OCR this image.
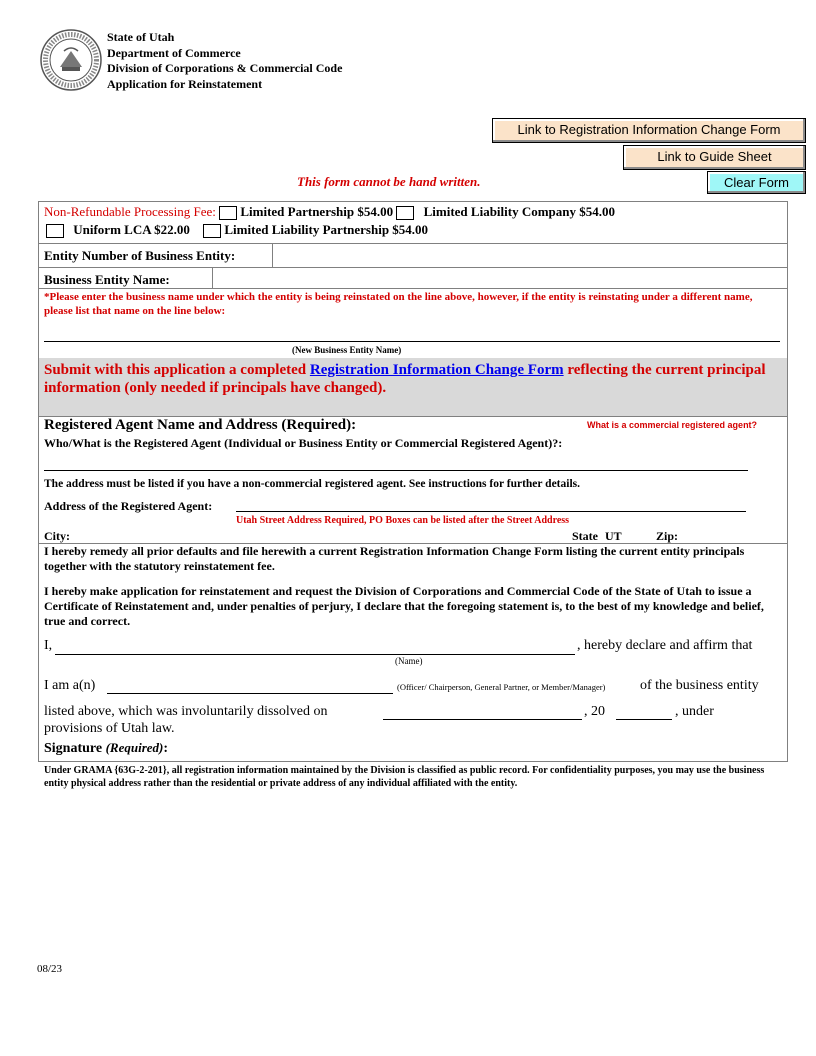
State of Utah
Department of Commerce
Division of Corporations & Commercial Code
Application for Reinstatement
Link to Registration Information Change Form
Link to Guide Sheet
Clear Form
This form cannot be hand written.
Non-Refundable Processing Fee: Limited Partnership $54.00 Limited Liability Company $54.00
Uniform LCA $22.00	Limited Liability Partnership $54.00
Entity Number of Business Entity:
Business Entity Name:
*Please enter the business name under which the entity is being reinstated on the line above, however, if the entity is reinstating under a different name, please list that name on the line below:
(New Business Entity Name)
Submit with this application a completed Registration Information Change Form reflecting the current principal information (only needed if principals have changed).
Registered Agent Name and Address (Required):	What is a commercial registered agent?
Who/What is the Registered Agent (Individual or Business Entity or Commercial Registered Agent)?:
The address must be listed if you have a non-commercial registered agent. See instructions for further details.
Address of the Registered Agent:
Utah Street Address Required, PO Boxes can be listed after the Street Address
City:	State UT	Zip:
I hereby remedy all prior defaults and file herewith a current Registration Information Change Form listing the current entity principals together with the statutory reinstatement fee.
I hereby make application for reinstatement and request the Division of Corporations and Commercial Code of the State of Utah to issue a Certificate of Reinstatement and, under penalties of perjury, I declare that the foregoing statement is, to the best of my knowledge and belief, true and correct.
I,	, hereby declare and affirm that
(Name)
I am a(n)	(Officer/ Chairperson, General Partner, or Member/Manager) of the business entity
listed above, which was involuntarily dissolved on	, 20	, under
provisions of Utah law.
Signature (Required):
Under GRAMA {63G-2-201}, all registration information maintained by the Division is classified as public record. For confidentiality purposes, you may use the business entity physical address rather than the residential or private address of any individual affiliated with the entity.
08/23
